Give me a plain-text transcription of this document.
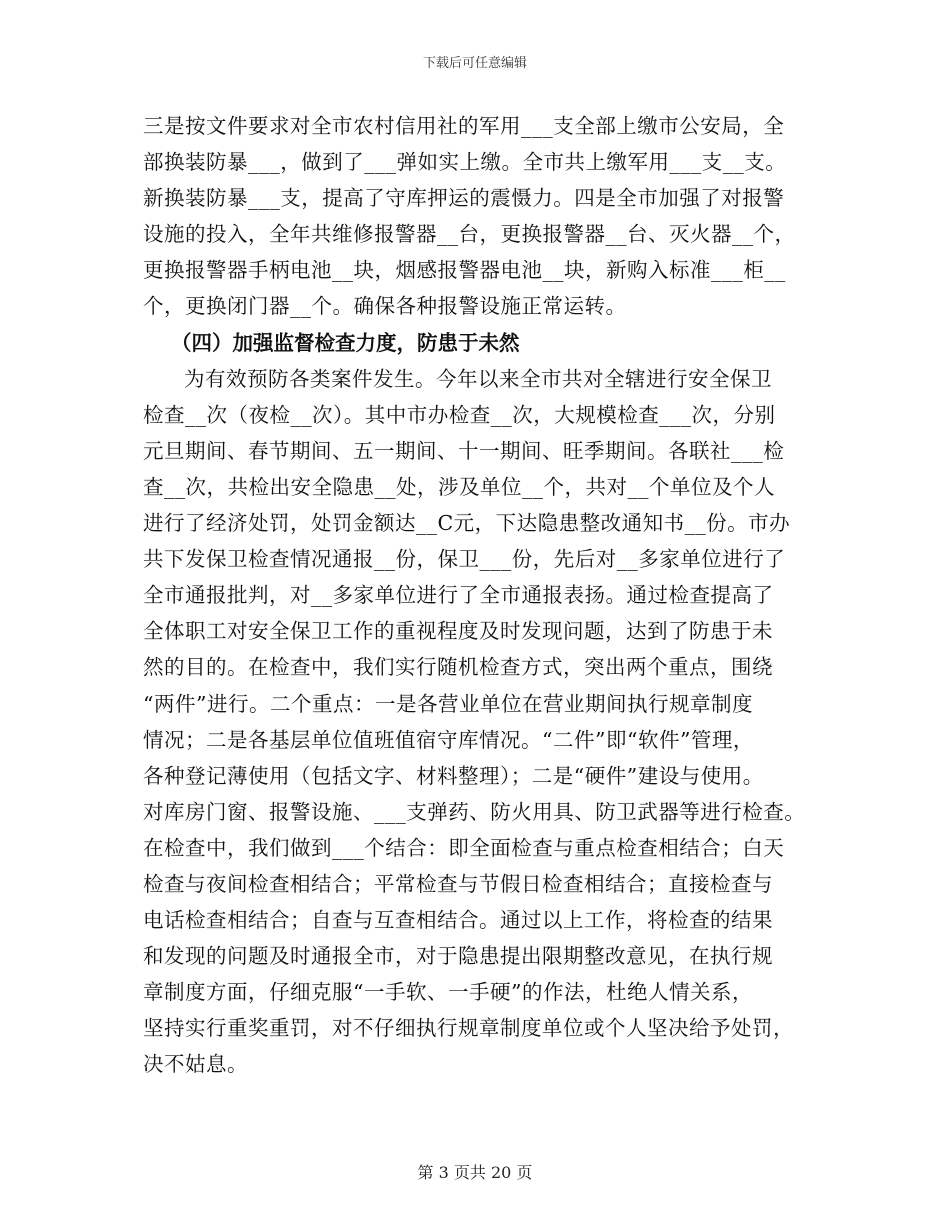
下载后可任意编辑
三是按文件要求对全市农村信用社的军用___支全部上缴市公安局，全
部换装防暴___，做到了___弹如实上缴。全市共上缴军用___支__支。
新换装防暴___支，提高了守库押运的震慑力。四是全市加强了对报警
设施的投入，全年共维修报警器__台，更换报警器__台、灭火器__个，
更换报警器手柄电池__块，烟感报警器电池__块，新购入标准___柜__
个，更换闭门器__个。确保各种报警设施正常运转。
（四）加强监督检查力度，防患于未然
为有效预防各类案件发生。今年以来全市共对全辖进行安全保卫
检查__次（夜检__次）。其中市办检查__次，大规模检查___次，分别
元旦期间、春节期间、五一期间、十一期间、旺季期间。各联社___检
查__次，共检出安全隐患__处，涉及单位__个，共对__个单位及个人
进行了经济处罚，处罚金额达__C元，下达隐患整改通知书__份。市办
共下发保卫检查情况通报__份，保卫___份，先后对__多家单位进行了
全市通报批判，对__多家单位进行了全市通报表扬。通过检查提高了
全体职工对安全保卫工作的重视程度及时发现问题，达到了防患于未
然的目的。在检查中，我们实行随机检查方式，突出两个重点，围绕
“两件”进行。二个重点：一是各营业单位在营业期间执行规章制度
情况；二是各基层单位值班值宿守库情况。“二件”即“软件”管理，
各种登记薄使用（包括文字、材料整理）；二是“硬件”建设与使用。
对库房门窗、报警设施、___支弹药、防火用具、防卫武器等进行检查。
在检查中，我们做到___个结合：即全面检查与重点检查相结合；白天
检查与夜间检查相结合；平常检查与节假日检查相结合；直接检查与
电话检查相结合；自查与互查相结合。通过以上工作，将检查的结果
和发现的问题及时通报全市，对于隐患提出限期整改意见，在执行规
章制度方面，仔细克服“一手软、一手硬”的作法，杜绝人情关系，
坚持实行重奖重罚，对不仔细执行规章制度单位或个人坚决给予处罚，
决不姑息。
第 3 页共 20 页
